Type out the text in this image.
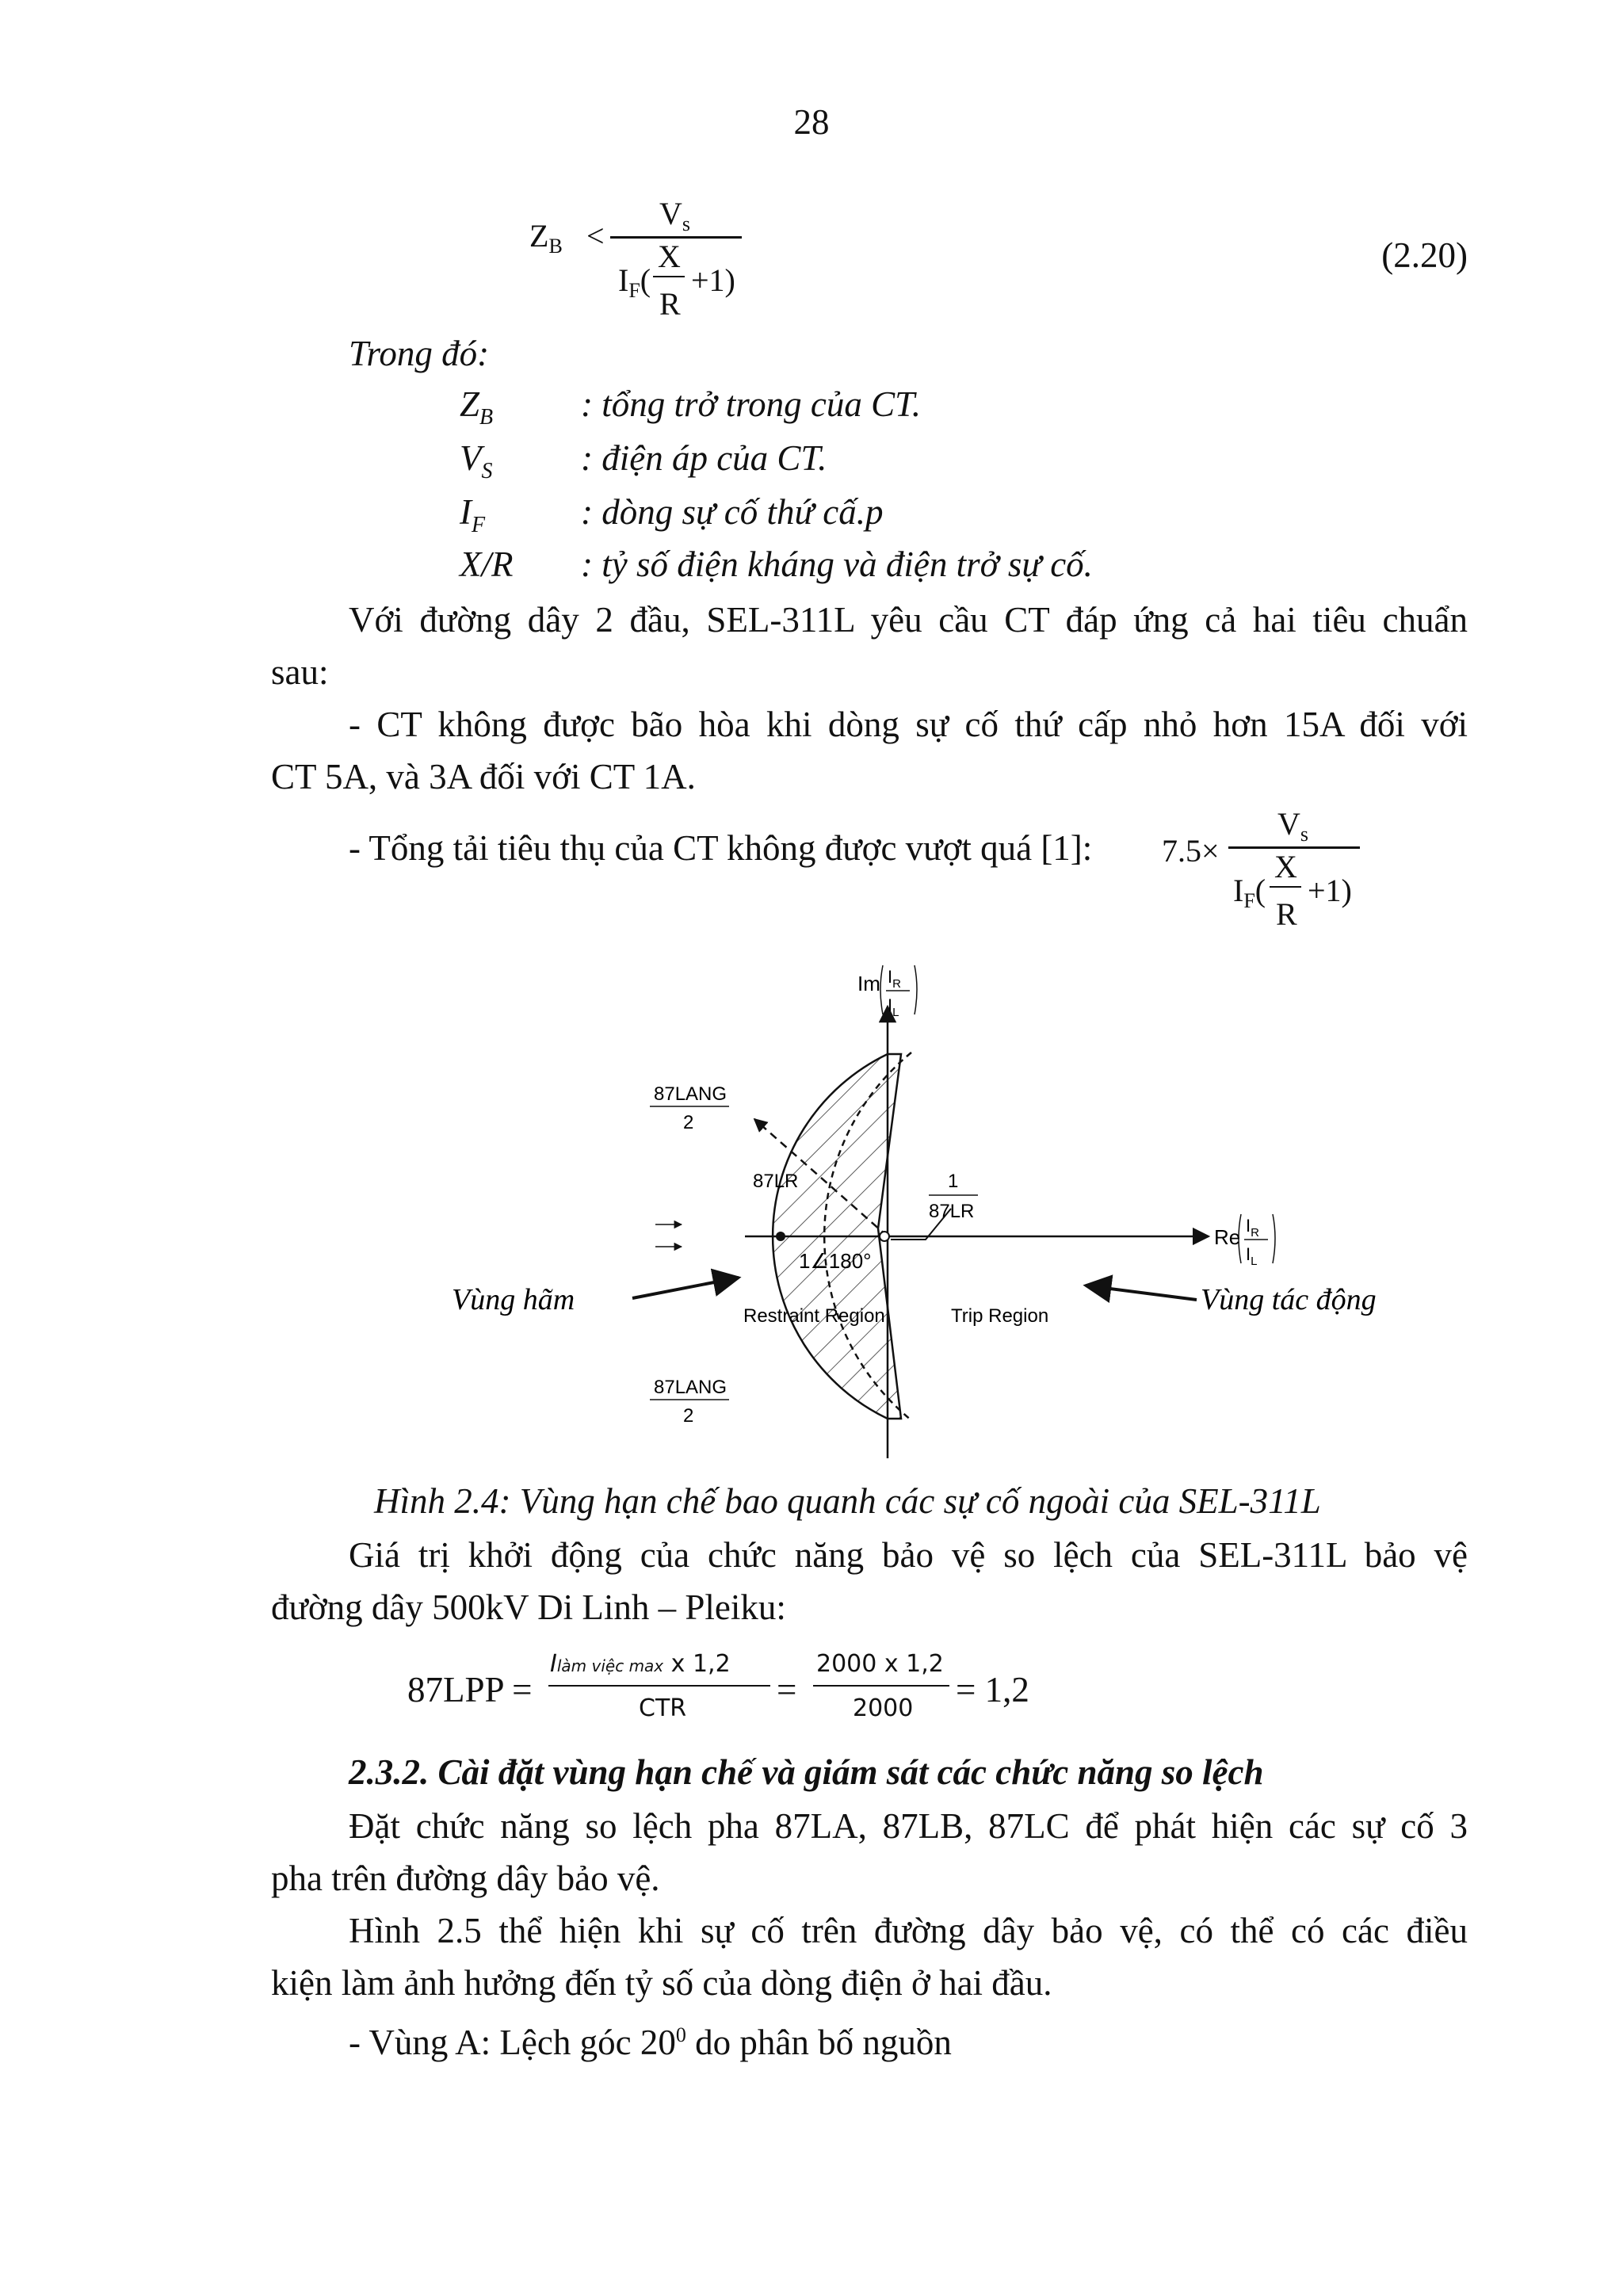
28
$Z_B$ <
$V_s$
$I_F$(
X
R
+1)
(2.20)
Trong đó:
$Z_B$ : tổng trở trong của CT.
$V_S$ : điện áp của CT.
$I_F$	: dòng sự cố thứ cấ.p
X/R : tỷ số điện kháng và điện trở sự cố.
Với đường dây 2 đầu, SEL-311L yêu cầu CT đáp ứng cả hai tiêu chuẩn
sau:
- CT không được bão hòa khi dòng sự cố thứ cấp nhỏ hơn 15A đối với
CT 5A, và 3A đối với CT 1A.
- Tổng tải tiêu thụ của CT không được vượt quá [1]: 7.5×
$V_s$
$I_F$(
X
R
+1)
1∠180°
87LANG
2
87LANG
2
87LR	1
87LR
Im $I_R$
$I_L$
Re $I_R$
$I_L$
Restraint Region	Trip Region
Vùng hãm	Vùng tác động
Hình 2.4: Vùng hạn chế bao quanh các sự cố ngoài của SEL-311L
Giá trị khởi động của chức năng bảo vệ so lệch của SEL-311L bảo vệ
đường dây 500kV Di Linh – Pleiku:
87LPP =
Ilàm việc max x 1,2
CTR	=
2000 x 1,2
2000 = 1,2
2.3.2. Cài đặt vùng hạn chế và giám sát các chức năng so lệch
Đặt chức năng so lệch pha 87LA, 87LB, 87LC để phát hiện các sự cố 3
pha trên đường dây bảo vệ.
Hình 2.5 thể hiện khi sự cố trên đường dây bảo vệ, có thể có các điều
kiện làm ảnh hưởng đến tỷ số của dòng điện ở hai đầu.
- Vùng A: Lệch góc $20^0$ do phân bố nguồn
